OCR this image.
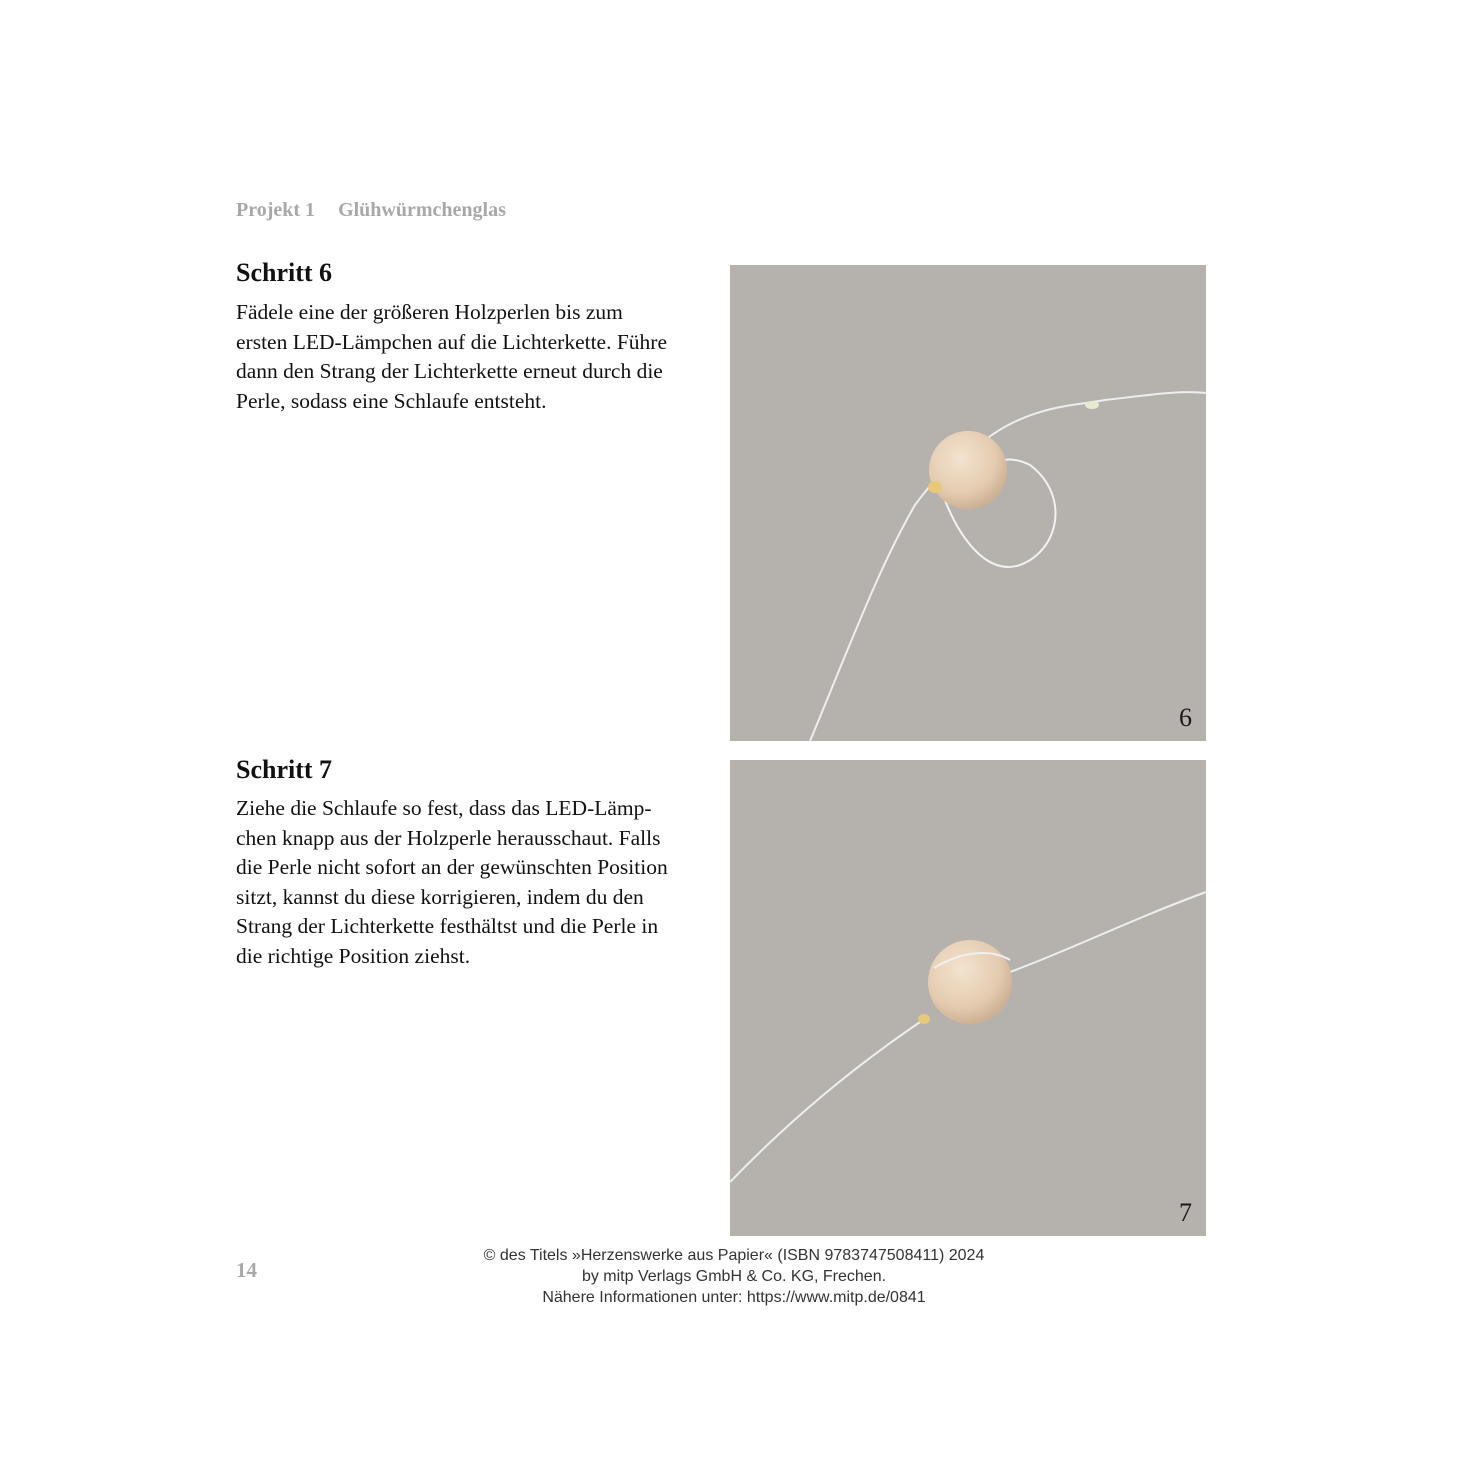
Projekt 1 Glühwürmchenglas
Schritt 6
Fädele eine der größeren Holzperlen bis zum
ersten LED-Lämpchen auf die Lichterkette. Führe
dann den Strang der Lichterkette erneut durch die
Perle, sodass eine Schlaufe entsteht.
6
Schritt 7
Ziehe die Schlaufe so fest, dass das LED-Lämp-
chen knapp aus der Holzperle herausschaut. Falls
die Perle nicht sofort an der gewünschten Position
sitzt, kannst du diese korrigieren, indem du den
Strang der Lichterkette festhältst und die Perle in
die richtige Position ziehst.
7
14
© des Titels »Herzenswerke aus Papier« (ISBN 9783747508411) 2024
by mitp Verlags GmbH & Co. KG, Frechen.
Nähere Informationen unter: https://www.mitp.de/0841
